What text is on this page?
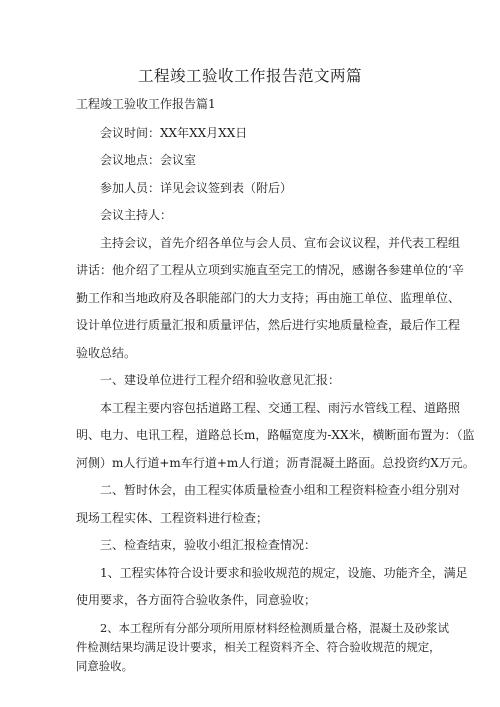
工程竣工验收工作报告范文两篇
工程竣工验收工作报告篇1
会议时间：XX年XX月XX日
会议地点：会议室
参加人员：详见会议签到表（附后）
会议主持人：
主持会议，首先介绍各单位与会人员、宣布会议议程，并代表工程组
讲话：他介绍了工程从立项到实施直至完工的情况，感谢各参建单位的‘辛
勤工作和当地政府及各职能部门的大力支持；再由施工单位、监理单位、
设计单位进行质量汇报和质量评估，然后进行实地质量检查，最后作工程
验收总结。
一、建设单位进行工程介绍和验收意见汇报：
本工程主要内容包括道路工程、交通工程、雨污水管线工程、道路照
明、电力、电讯工程，道路总长m，路幅宽度为-XX米，横断面布置为：（监
河侧）m人行道+m车行道+m人行道；沥青混凝土路面。总投资约X万元。
二、暂时休会，由工程实体质量检查小组和工程资料检查小组分别对
现场工程实体、工程资料进行检查；
三、检查结束，验收小组汇报检查情况：
1、工程实体符合设计要求和验收规范的规定，设施、功能齐全，满足
使用要求，各方面符合验收条件，同意验收；
2、本工程所有分部分项所用原材料经检测质量合格，混凝土及砂浆试
件检测结果均满足设计要求，相关工程资料齐全、符合验收规范的规定，
同意验收。
